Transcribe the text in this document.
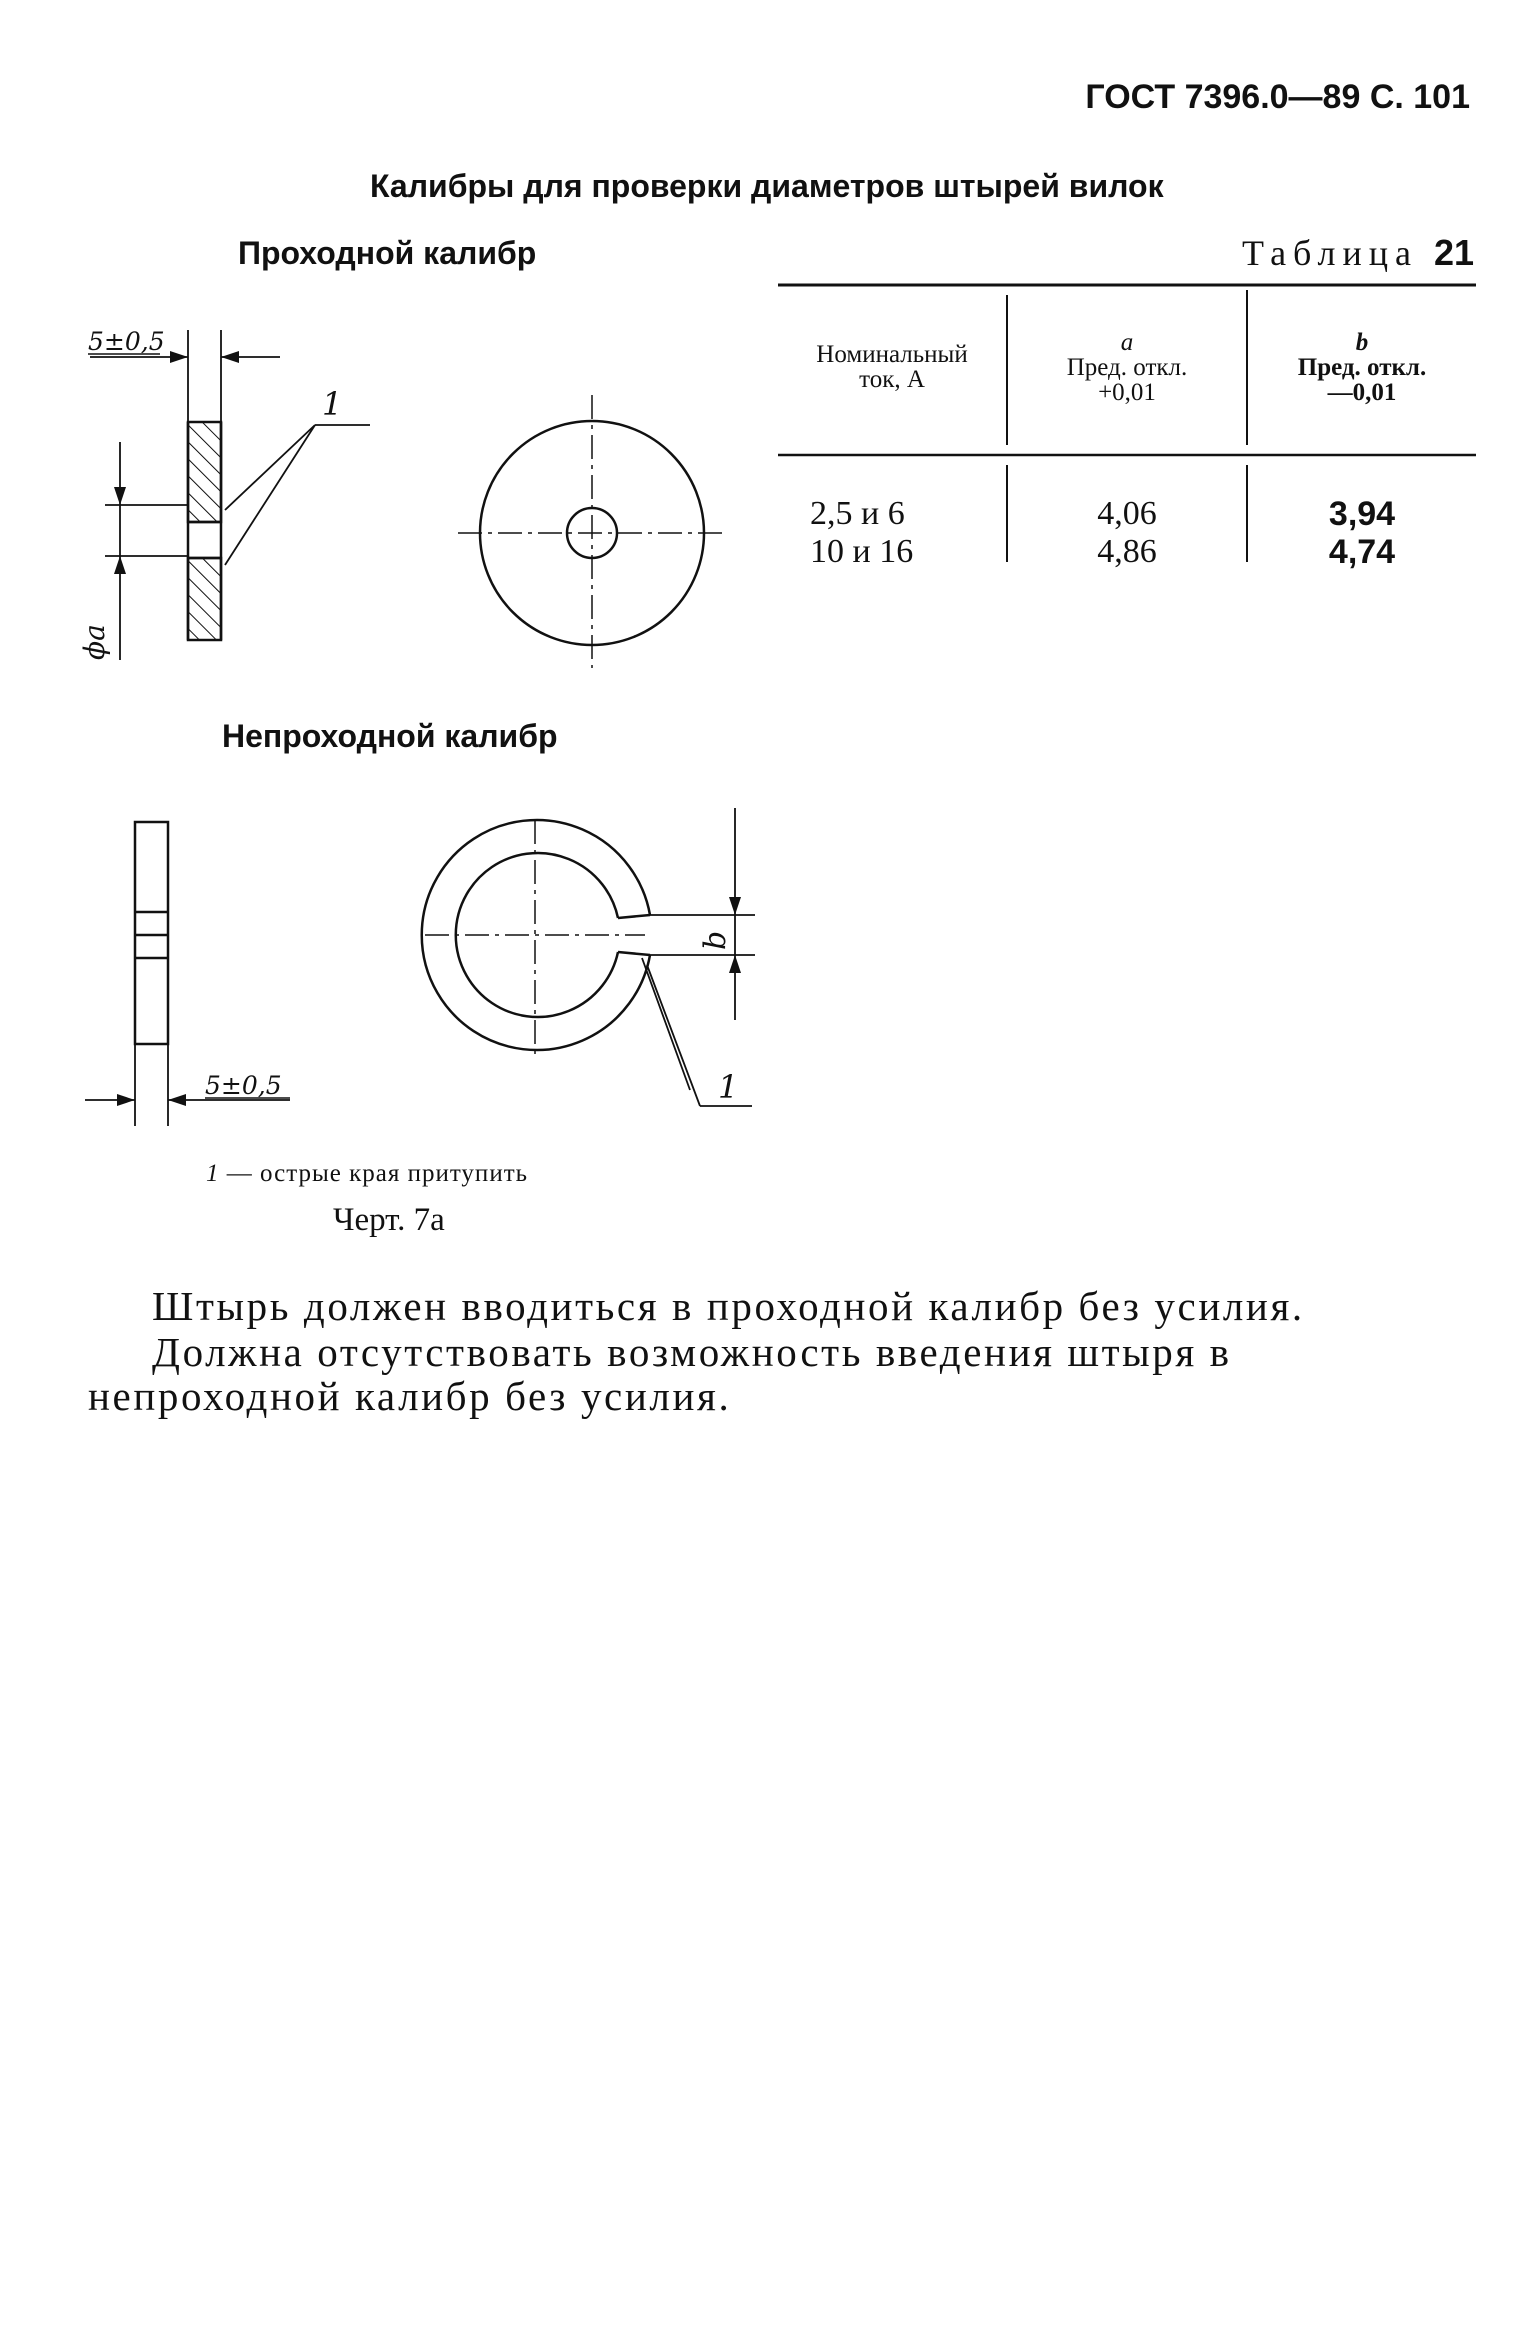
ГОСТ 7396.0—89 С. 101
Калибры для проверки диаметров штырей вилок
Проходной калибр	Таблица 21
Непроходной калибр
5±0,5
1
ϕa
5±0,5
b
1
Номинальный
ток, А
a
Пред. откл.
+0,01
b
Пред. откл.
—0,01
2,5 и 6
10 и 16
4,06
4,86
3,94
4,74
1 — острые края притупить
Черт. 7а
Штырь должен вводиться в проходной калибр без усилия.
Должна отсутствовать возможность введения штыря в непроходной калибр без усилия.
